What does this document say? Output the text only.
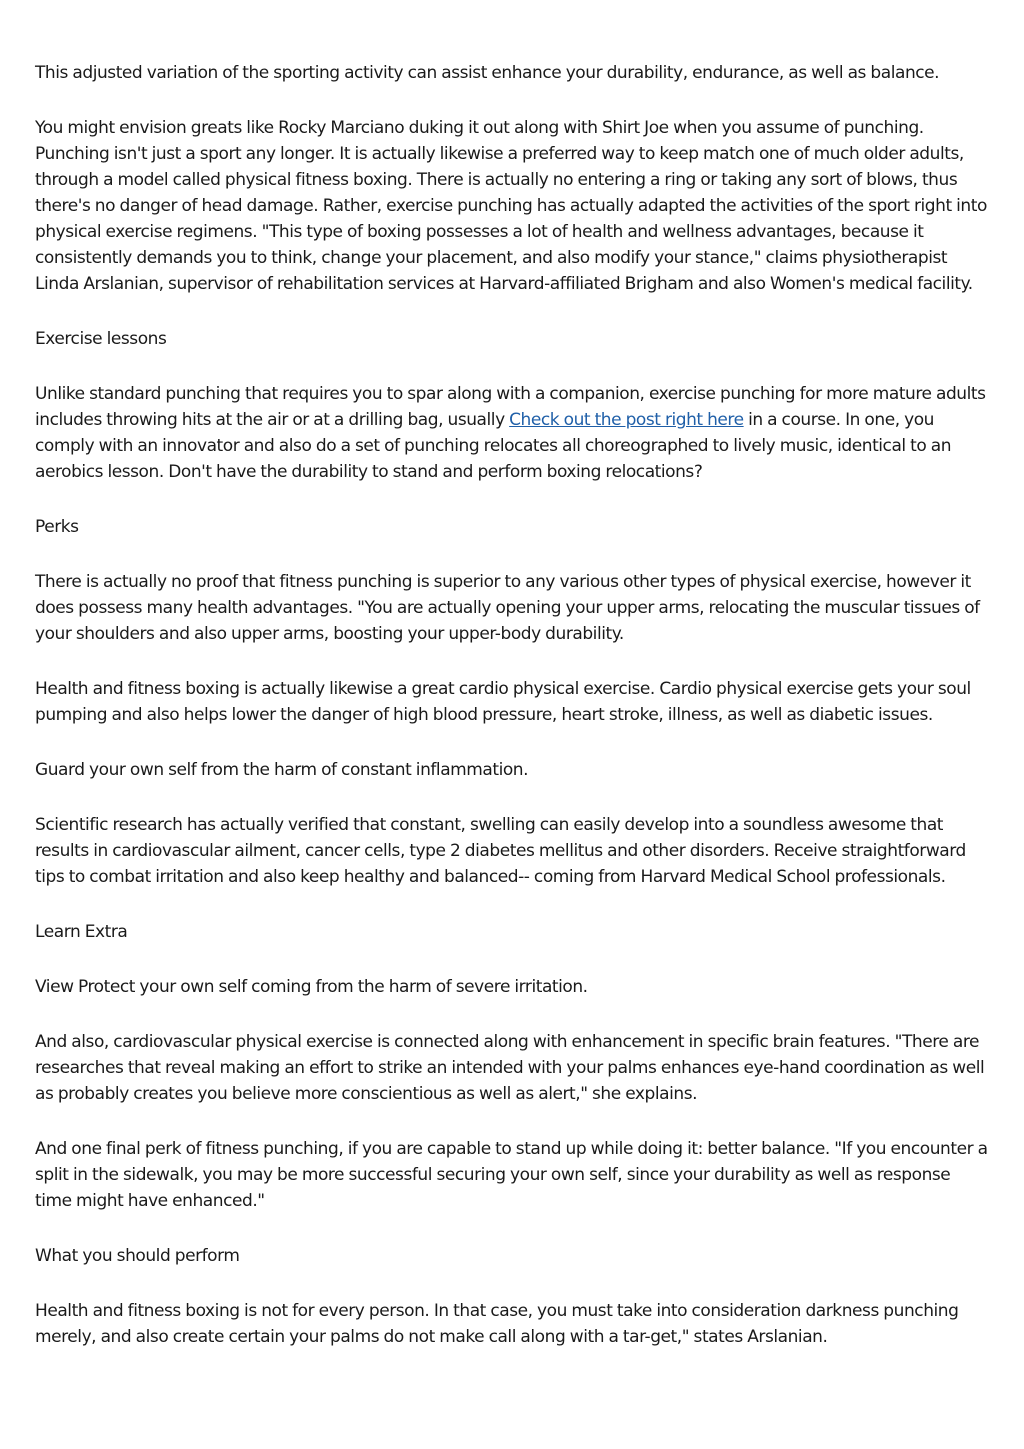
This adjusted variation of the sporting activity can assist enhance your durability, endurance, as well as balance.

You might envision greats like Rocky Marciano duking it out along with Shirt Joe when you assume of punching. Punching isn't just a sport any longer. It is actually likewise a preferred way to keep match one of much older adults, through a model called physical fitness boxing. There is actually no entering a ring or taking any sort of blows, thus there's no danger of head damage. Rather, exercise punching has actually adapted the activities of the sport right into physical exercise regimens. "This type of boxing possesses a lot of health and wellness advantages, because it consistently demands you to think, change your placement, and also modify your stance," claims physiotherapist Linda Arslanian, supervisor of rehabilitation services at Harvard-affiliated Brigham and also Women's medical facility.

Exercise lessons

Unlike standard punching that requires you to spar along with a companion, exercise punching for more mature adults includes throwing hits at the air or at a drilling bag, usually Check out the post right here in a course. In one, you comply with an innovator and also do a set of punching relocates all choreographed to lively music, identical to an aerobics lesson. Don't have the durability to stand and perform boxing relocations?

Perks

There is actually no proof that fitness punching is superior to any various other types of physical exercise, however it does possess many health advantages. "You are actually opening your upper arms, relocating the muscular tissues of your shoulders and also upper arms, boosting your upper-body durability.

Health and fitness boxing is actually likewise a great cardio physical exercise. Cardio physical exercise gets your soul pumping and also helps lower the danger of high blood pressure, heart stroke, illness, as well as diabetic issues.

Guard your own self from the harm of constant inflammation.

Scientific research has actually verified that constant, swelling can easily develop into a soundless awesome that results in cardiovascular ailment, cancer cells, type 2 diabetes mellitus and other disorders. Receive straightforward tips to combat irritation and also keep healthy and balanced-- coming from Harvard Medical School professionals.

Learn Extra

View Protect your own self coming from the harm of severe irritation.

And also, cardiovascular physical exercise is connected along with enhancement in specific brain features. "There are researches that reveal making an effort to strike an intended with your palms enhances eye-hand coordination as well as probably creates you believe more conscientious as well as alert," she explains.

And one final perk of fitness punching, if you are capable to stand up while doing it: better balance. "If you encounter a split in the sidewalk, you may be more successful securing your own self, since your durability as well as response time might have enhanced."

What you should perform

Health and fitness boxing is not for every person. In that case, you must take into consideration darkness punching merely, and also create certain your palms do not make call along with a tar-get," states Arslanian.
